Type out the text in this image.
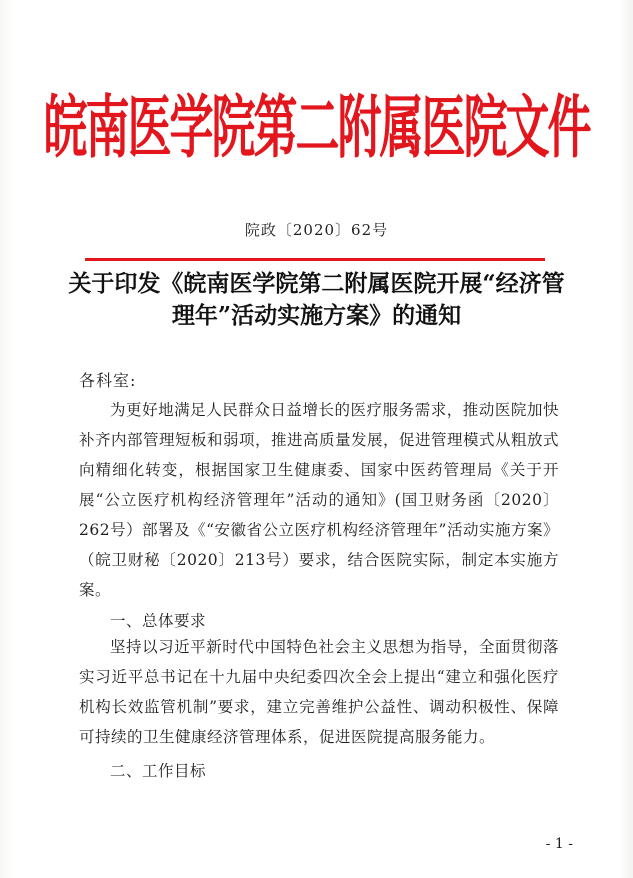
皖南医学院第二附属医院文件
院政〔2020〕62号
关于印发《皖南医学院第二附属医院开展“经济管理年”活动实施方案》的通知
各科室:

为更好地满足人民群众日益增长的医疗服务需求，推动医院加快补齐内部管理短板和弱项，推进高质量发展，促进管理模式从粗放式向精细化转变，根据国家卫生健康委、国家中医药管理局《关于开展“公立医疗机构经济管理年”活动的通知》(国卫财务函〔2020〕262号）部署及《“安徽省公立医疗机构经济管理年”活动实施方案》（皖卫财秘〔2020〕213号）要求，结合医院实际，制定本实施方案。

一、总体要求

坚持以习近平新时代中国特色社会主义思想为指导，全面贯彻落实习近平总书记在十九届中央纪委四次全会上提出“建立和强化医疗机构长效监管机制”要求，建立完善维护公益性、调动积极性、保障可持续的卫生健康经济管理体系，促进医院提高服务能力。

二、工作目标

- 1 -
